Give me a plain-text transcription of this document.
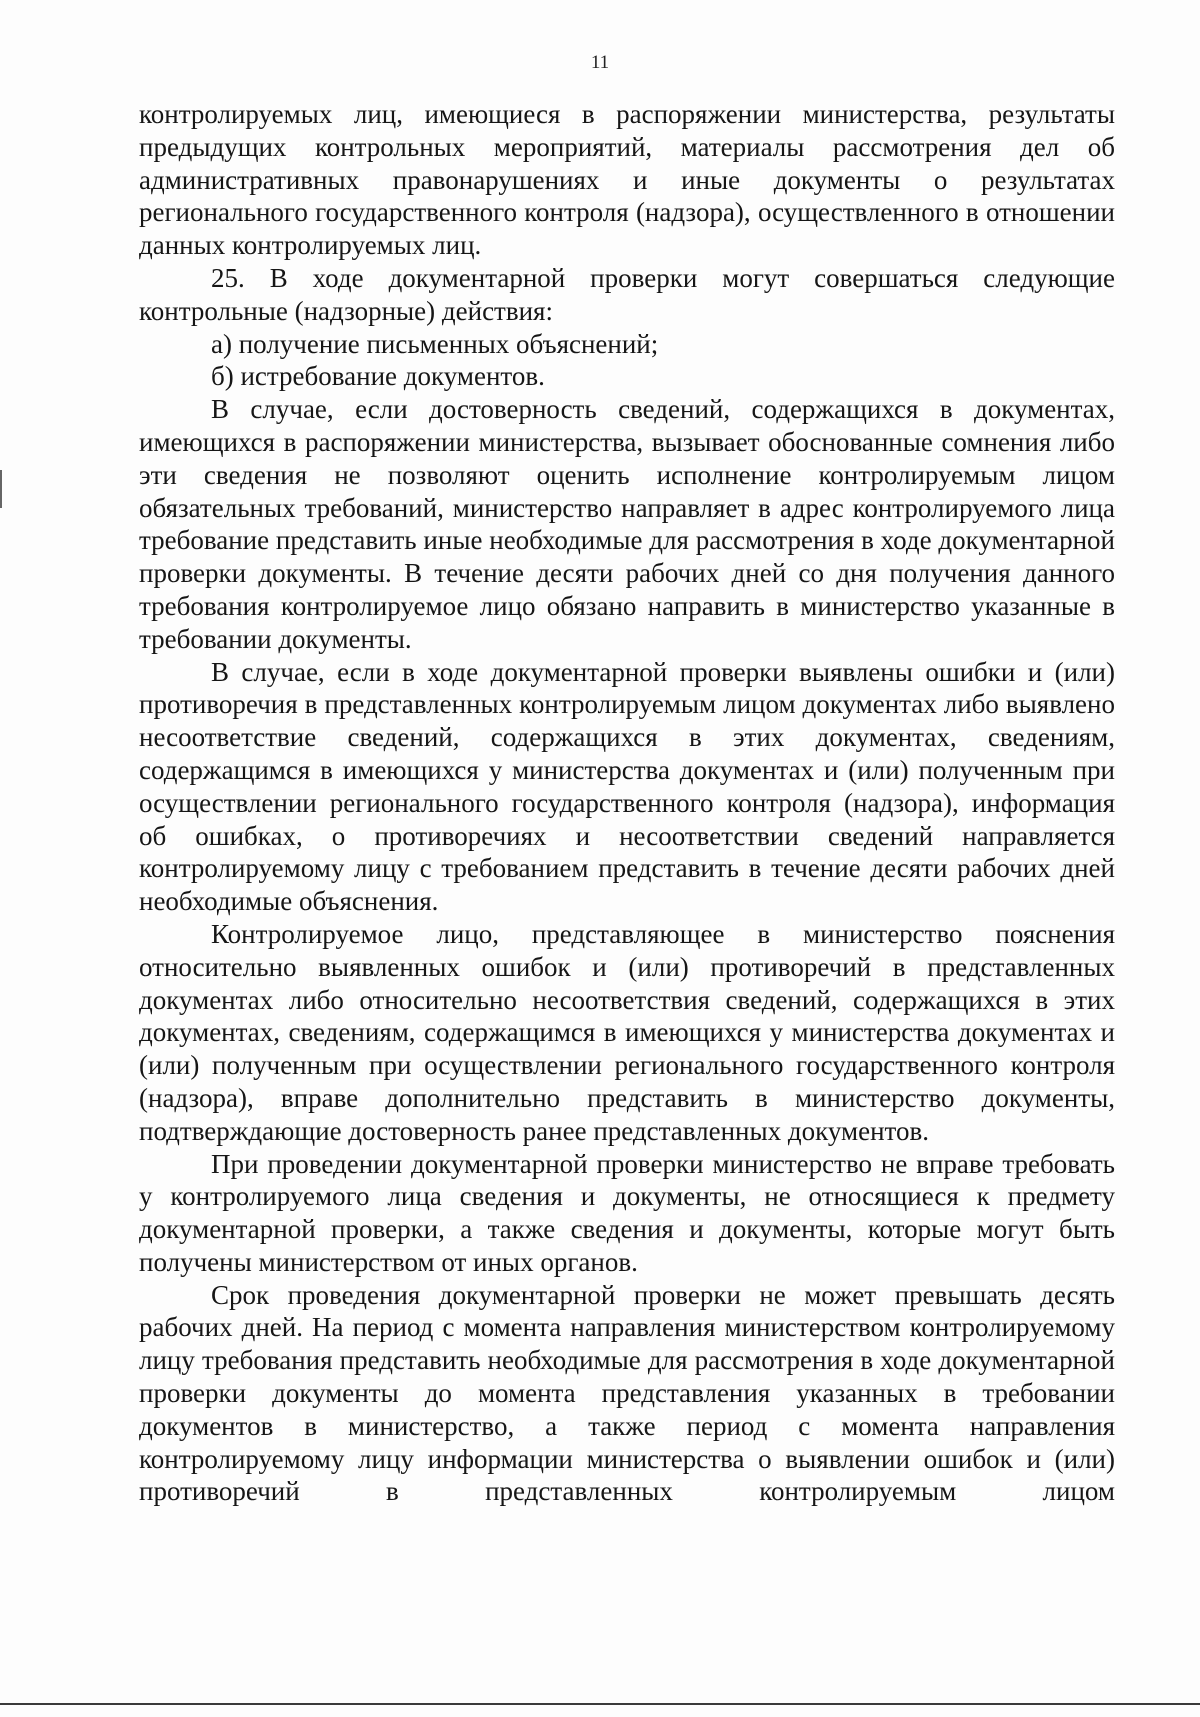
11

контролируемых лиц, имеющиеся в распоряжении министерства, результаты предыдущих контрольных мероприятий, материалы рассмотрения дел об административных правонарушениях и иные документы о результатах регионального государственного контроля (надзора), осуществленного в отношении данных контролируемых лиц.

25. В ходе документарной проверки могут совершаться следующие контрольные (надзорные) действия:

а) получение письменных объяснений;

б) истребование документов.

В случае, если достоверность сведений, содержащихся в документах, имеющихся в распоряжении министерства, вызывает обоснованные сомнения либо эти сведения не позволяют оценить исполнение контролируемым лицом обязательных требований, министерство направляет в адрес контролируемого лица требование представить иные необходимые для рассмотрения в ходе документарной проверки документы. В течение десяти рабочих дней со дня получения данного требования контролируемое лицо обязано направить в министерство указанные в требовании документы.

В случае, если в ходе документарной проверки выявлены ошибки и (или) противоречия в представленных контролируемым лицом документах либо выявлено несоответствие сведений, содержащихся в этих документах, сведениям, содержащимся в имеющихся у министерства документах и (или) полученным при осуществлении регионального государственного контроля (надзора), информация об ошибках, о противоречиях и несоответствии сведений направляется контролируемому лицу с требованием представить в течение десяти рабочих дней необходимые объяснения.

Контролируемое лицо, представляющее в министерство пояснения относительно выявленных ошибок и (или) противоречий в представленных документах либо относительно несоответствия сведений, содержащихся в этих документах, сведениям, содержащимся в имеющихся у министерства документах и (или) полученным при осуществлении регионального государственного контроля (надзора), вправе дополнительно представить в министерство документы, подтверждающие достоверность ранее представленных документов.

При проведении документарной проверки министерство не вправе требовать у контролируемого лица сведения и документы, не относящиеся к предмету документарной проверки, а также сведения и документы, которые могут быть получены министерством от иных органов.

Срок проведения документарной проверки не может превышать десять рабочих дней. На период с момента направления министерством контролируемому лицу требования представить необходимые для рассмотрения в ходе документарной проверки документы до момента представления указанных в требовании документов в министерство, а также период с момента направления контролируемому лицу информации министерства о выявлении ошибок и (или) противоречий в представленных контролируемым лицом
